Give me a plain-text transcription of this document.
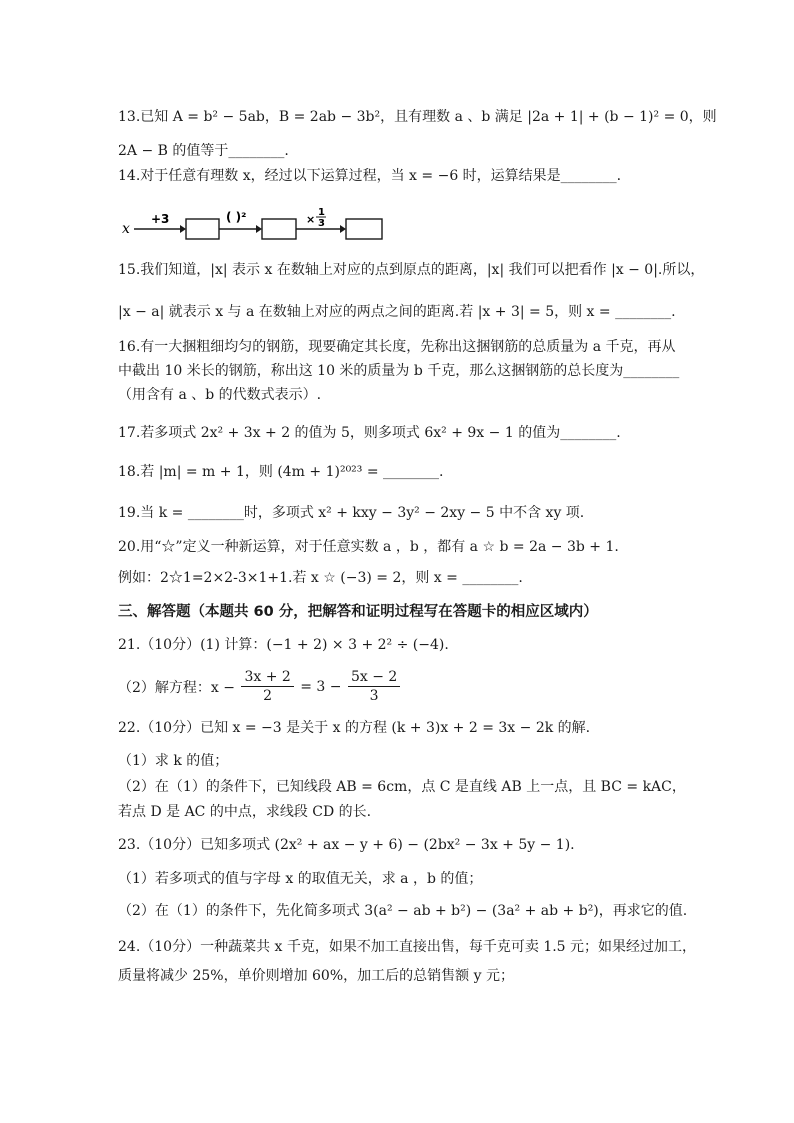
13.已知 A = b² − 5ab，B = 2ab − 3b²，且有理数 a 、b 满足 |2a + 1| + (b − 1)² = 0，则
2A − B 的值等于________.
14.对于任意有理数 x，经过以下运算过程，当 x = −6 时，运算结果是________.
x
+3	( )²	×
1
3
15.我们知道，|x| 表示 x 在数轴上对应的点到原点的距离，|x| 我们可以把看作 |x − 0|.所以，
|x − a| 就表示 x 与 a 在数轴上对应的两点之间的距离.若 |x + 3| = 5，则 x = ________.
16.有一大捆粗细均匀的钢筋，现要确定其长度，先称出这捆钢筋的总质量为 a 千克，再从
中截出 10 米长的钢筋，称出这 10 米的质量为 b 千克，那么这捆钢筋的总长度为________
（用含有 a 、b 的代数式表示）.
17.若多项式 2x² + 3x + 2 的值为 5，则多项式 6x² + 9x − 1 的值为________.
18.若 |m| = m + 1，则 (4m + 1)²⁰²³ = ________.
19.当 k = ________时，多项式 x² + kxy − 3y² − 2xy − 5 中不含 xy 项.
20.用“☆”定义一种新运算，对于任意实数 a ，b ，都有 a ☆ b = 2a − 3b + 1.
例如：2☆1=2×2-3×1+1.若 x ☆ (−3) = 2，则 x = ________.
三、解答题（本题共 60 分，把解答和证明过程写在答题卡的相应区域内）
21.（10分）(1) 计算：(−1 + 2) × 3 + 2² ÷ (−4).
（2）解方程：$x - \frac{3x + 2}{2} = 3 - \frac{5x - 2}{3}$
22.（10分）已知 x = −3 是关于 x 的方程 (k + 3)x + 2 = 3x − 2k 的解.
（1）求 k 的值；
（2）在（1）的条件下，已知线段 AB = 6cm，点 C 是直线 AB 上一点，且 BC = kAC，
若点 D 是 AC 的中点，求线段 CD 的长.
23.（10分）已知多项式 (2x² + ax − y + 6) − (2bx² − 3x + 5y − 1).
（1）若多项式的值与字母 x 的取值无关，求 a ，b 的值；
（2）在（1）的条件下，先化简多项式 3(a² − ab + b²) − (3a² + ab + b²)，再求它的值.
24.（10分）一种蔬菜共 x 千克，如果不加工直接出售，每千克可卖 1.5 元；如果经过加工，
质量将减少 25%，单价则增加 60%，加工后的总销售额 y 元；
